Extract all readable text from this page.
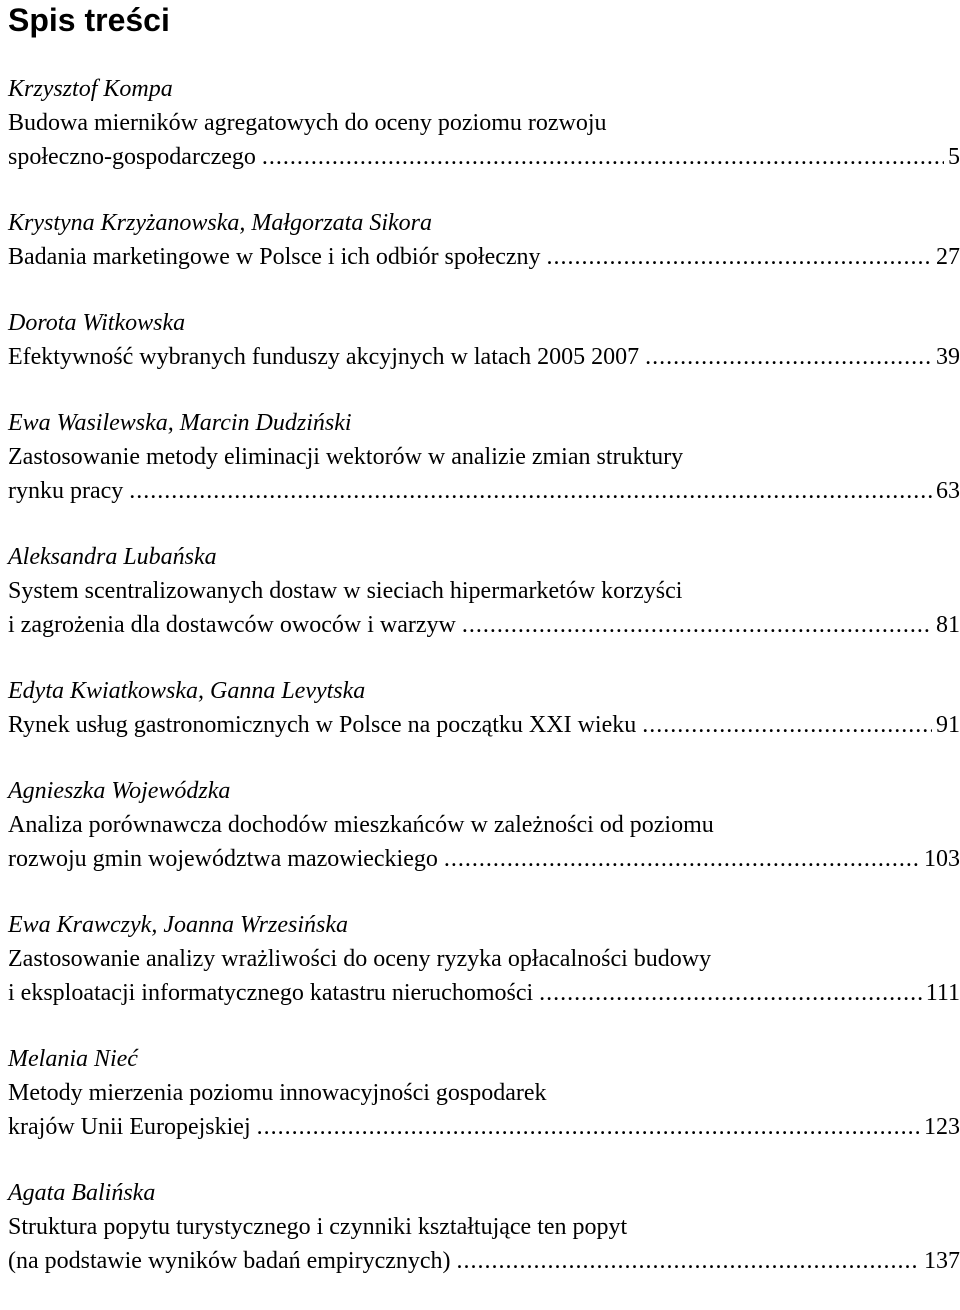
Spis treści
Krzysztof Kompa
Budowa mierników agregatowych do oceny poziomu rozwoju
społeczno-gospodarczego .....	5
Krystyna Krzyżanowska, Małgorzata Sikora
Badania marketingowe w Polsce i ich odbiór społeczny .....	27
Dorota Witkowska
Efektywność wybranych funduszy akcyjnych w latach 2005 2007 .....	39
Ewa Wasilewska, Marcin Dudziński
Zastosowanie metody eliminacji wektorów w analizie zmian struktury
rynku pracy .....	63
Aleksandra Lubańska
System scentralizowanych dostaw w sieciach hipermarketów korzyści
i zagrożenia dla dostawców owoców i warzyw .....	81
Edyta Kwiatkowska, Ganna Levytska
Rynek usług gastronomicznych w Polsce na początku XXI wieku .....	91
Agnieszka Wojewódzka
Analiza porównawcza dochodów mieszkańców w zależności od poziomu
rozwoju gmin województwa mazowieckiego .....	103
Ewa Krawczyk, Joanna Wrzesińska
Zastosowanie analizy wrażliwości do oceny ryzyka opłacalności budowy
i eksploatacji informatycznego katastru nieruchomości .....	111
Melania Nieć
Metody mierzenia poziomu innowacyjności gospodarek
krajów Unii Europejskiej .....	123
Agata Balińska
Struktura popytu turystycznego i czynniki kształtujące ten popyt
(na podstawie wyników badań empirycznych) .....	137
